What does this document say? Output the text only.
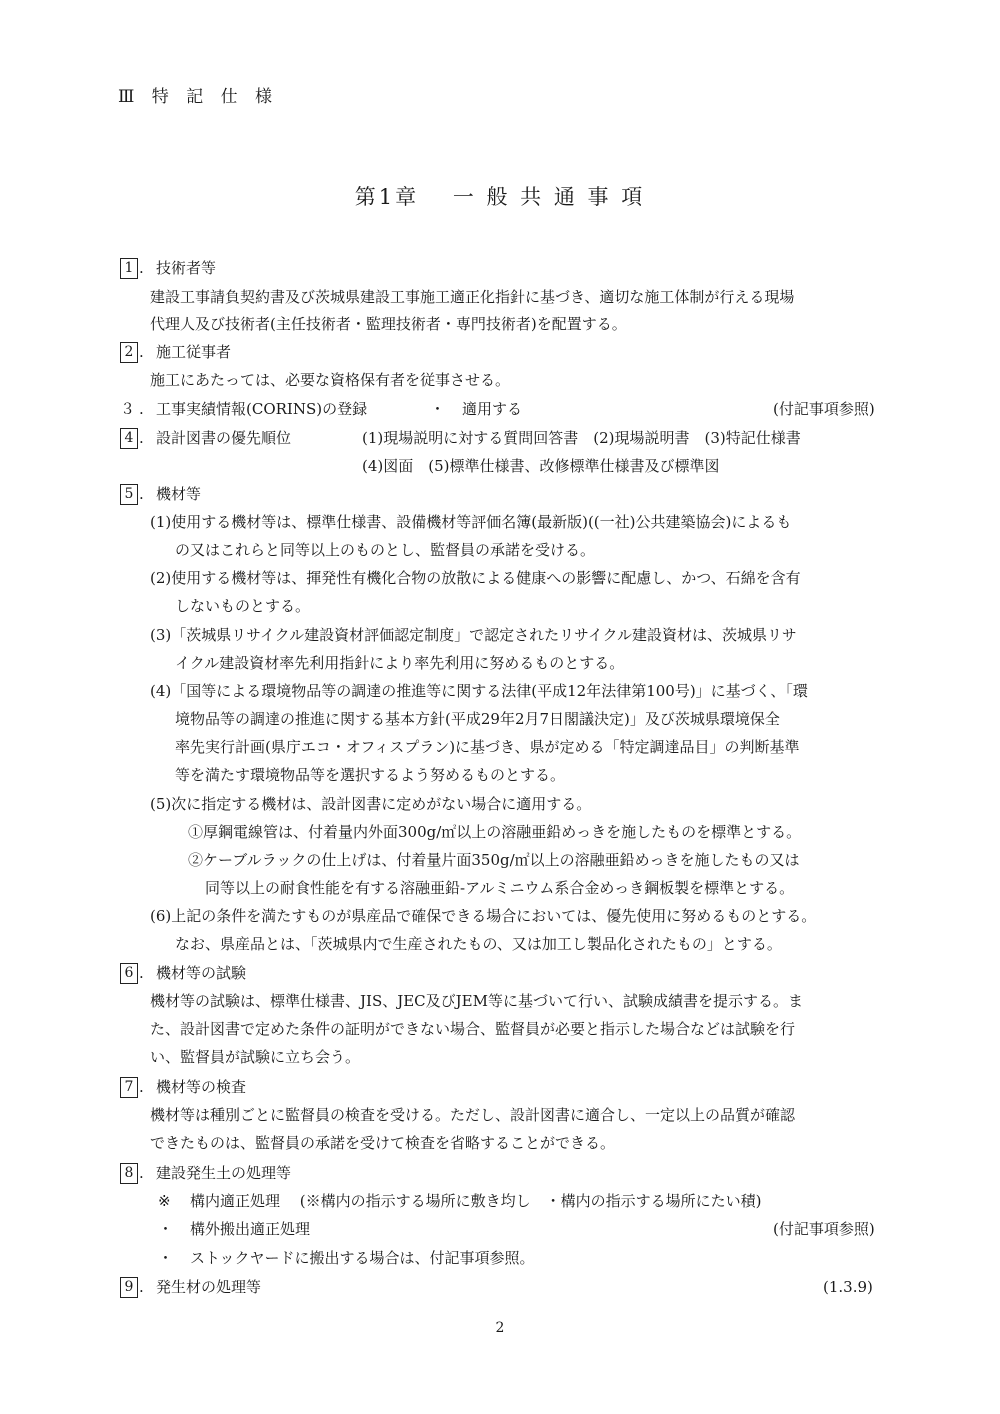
Ⅲ 特 記 仕 様
第1章　 一 般 共 通 事 項
1 . 技術者等
建設工事請負契約書及び茨城県建設工事施工適正化指針に基づき、適切な施工体制が行える現場
代理人及び技術者(主任技術者・監理技術者・専門技術者)を配置する。
2 . 施工従事者
施工にあたっては、必要な資格保有者を従事させる。
３ . 工事実績情報(CORINS)の登録	・ 適用する	(付記事項参照)
4 . 設計図書の優先順位	(1)現場説明に対する質問回答書　(2)現場説明書　(3)特記仕様書
(4)図面　(5)標準仕様書、改修標準仕様書及び標準図
5 . 機材等
(1)使用する機材等は、標準仕様書、設備機材等評価名簿(最新版)((一社)公共建築協会)によるも
の又はこれらと同等以上のものとし、監督員の承諾を受ける。
(2)使用する機材等は、揮発性有機化合物の放散による健康への影響に配慮し、かつ、石綿を含有
しないものとする。
(3)「茨城県リサイクル建設資材評価認定制度」で認定されたリサイクル建設資材は、茨城県リサ
イクル建設資材率先利用指針により率先利用に努めるものとする。
(4)「国等による環境物品等の調達の推進等に関する法律(平成12年法律第100号)」に基づく、「環
境物品等の調達の推進に関する基本方針(平成29年2月7日閣議決定)」及び茨城県環境保全
率先実行計画(県庁エコ・オフィスプラン)に基づき、県が定める「特定調達品目」の判断基準
等を満たす環境物品等を選択するよう努めるものとする。
(5)次に指定する機材は、設計図書に定めがない場合に適用する。
①厚鋼電線管は、付着量内外面300g/㎡以上の溶融亜鉛めっきを施したものを標準とする。
②ケーブルラックの仕上げは、付着量片面350g/㎡以上の溶融亜鉛めっきを施したもの又は
同等以上の耐食性能を有する溶融亜鉛-アルミニウム系合金めっき鋼板製を標準とする。
(6)上記の条件を満たすものが県産品で確保できる場合においては、優先使用に努めるものとする。
なお、県産品とは、「茨城県内で生産されたもの、又は加工し製品化されたもの」とする。
6 . 機材等の試験
機材等の試験は、標準仕様書、JIS、JEC及びJEM等に基づいて行い、試験成績書を提示する。ま
た、設計図書で定めた条件の証明ができない場合、監督員が必要と指示した場合などは試験を行
い、監督員が試験に立ち会う。
7 . 機材等の検査
機材等は種別ごとに監督員の検査を受ける。ただし、設計図書に適合し、一定以上の品質が確認
できたものは、監督員の承諾を受けて検査を省略することができる。
8 . 建設発生土の処理等
※ 構内適正処理　 (※構内の指示する場所に敷き均し　・構内の指示する場所にたい積)
・ 構外搬出適正処理	(付記事項参照)
・ ストックヤードに搬出する場合は、付記事項参照。
9 . 発生材の処理等	(1.3.9)
2
